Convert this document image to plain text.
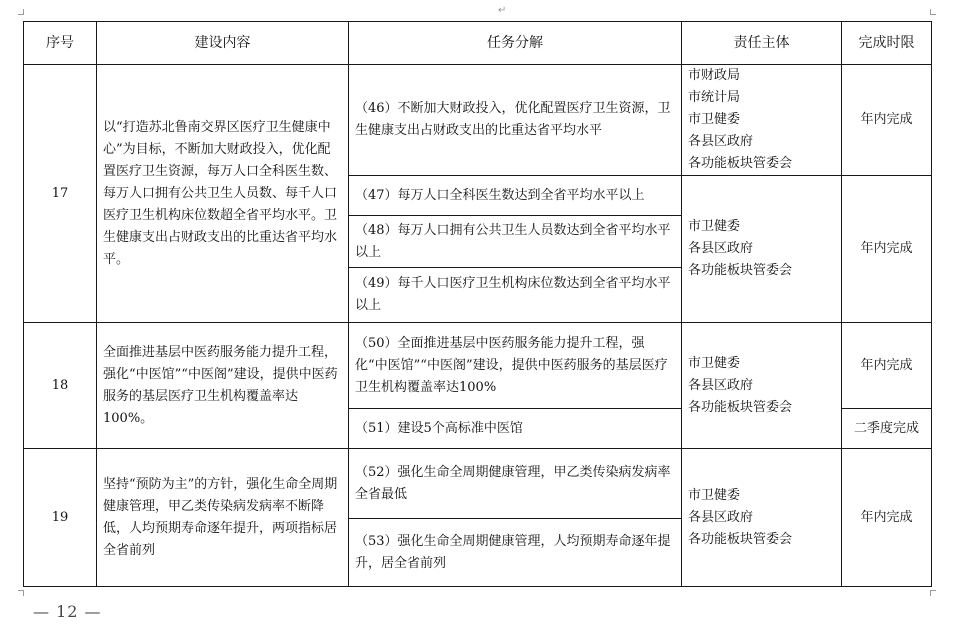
↵
序号	建设内容	任务分解	责任主体	完成时限
17	以“打造苏北鲁南交界区医疗卫生健康中心”为目标，不断加大财政投入，优化配置医疗卫生资源，每万人口全科医生数、每万人口拥有公共卫生人员数、每千人口医疗卫生机构床位数超全省平均水平。卫生健康支出占财政支出的比重达省平均水平。	（46）不断加大财政投入，优化配置医疗卫生资源，卫生健康支出占财政支出的比重达省平均水平	市财政局
市统计局
市卫健委
各县区政府
各功能板块管委会	年内完成
		（47）每万人口全科医生数达到全省平均水平以上	市卫健委
各县区政府
各功能板块管委会	年内完成
		（48）每万人口拥有公共卫生人员数达到全省平均水平以上		
		（49）每千人口医疗卫生机构床位数达到全省平均水平以上		
18	全面推进基层中医药服务能力提升工程，强化“中医馆”“中医阁”建设，提供中医药服务的基层医疗卫生机构覆盖率达100%。	（50）全面推进基层中医药服务能力提升工程，强化“中医馆”“中医阁”建设，提供中医药服务的基层医疗卫生机构覆盖率达100%	市卫健委
各县区政府
各功能板块管委会	年内完成
		（51）建设5个高标准中医馆		二季度完成
19	坚持“预防为主”的方针，强化生命全周期健康管理，甲乙类传染病发病率不断降低，人均预期寿命逐年提升，两项指标居全省前列	（52）强化生命全周期健康管理，甲乙类传染病发病率全省最低	市卫健委
各县区政府
各功能板块管委会	年内完成
		（53）强化生命全周期健康管理，人均预期寿命逐年提升，居全省前列		
— 12 —
